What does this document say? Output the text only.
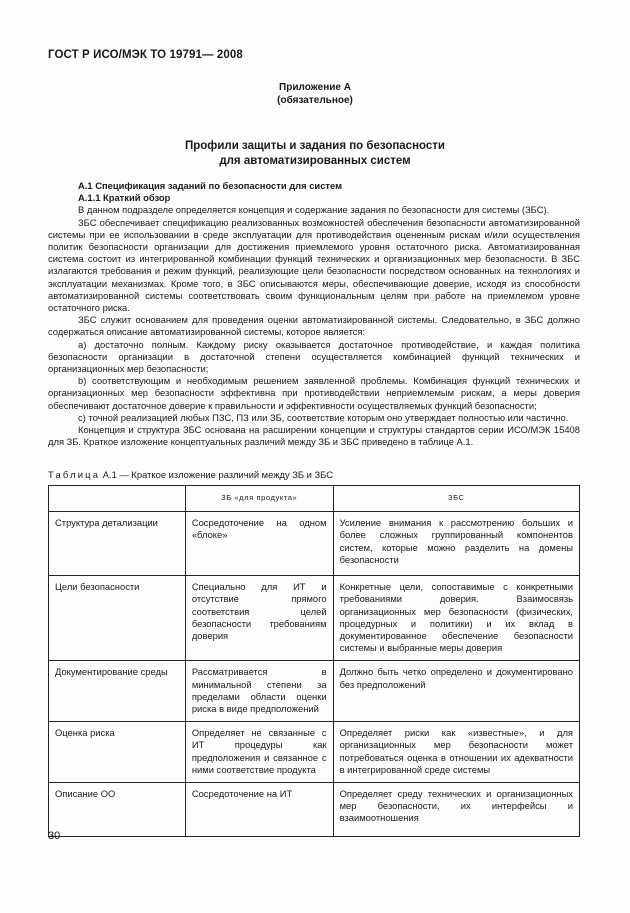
ГОСТ Р ИСО/МЭК ТО 19791— 2008
Приложение А
(обязательное)
Профили защиты и задания по безопасности
для автоматизированных систем

А.1 Спецификация заданий по безопасности для систем

А.1.1 Краткий обзор

В данном подразделе определяется концепция и содержание задания по безопасности для системы (ЗБС).

ЗБС обеспечивает спецификацию реализованных возможностей обеспечения безопасности автоматизированной системы при ее использовании в среде эксплуатации для противодействия оцененным рискам и/или осуществления политик безопасности организации для достижения приемлемого уровня остаточного риска. Автоматизированная система состоит из интегрированной комбинации функций технических и организационных мер безопасности. В ЗБС излагаются требования и режим функций, реализующие цели безопасности посредством основанных на технологиях и эксплуатации механизмах. Кроме того, в ЗБС описываются меры, обеспечивающие доверие, исходя из способности автоматизированной системы соответствовать своим функциональным целям при работе на приемлемом уровне остаточного риска.

ЗБС служит основанием для проведения оценки автоматизированной системы. Следовательно, в ЗБС должно содержаться описание автоматизированной системы, которое является:

а) достаточно полным. Каждому риску оказывается достаточное противодействие, и каждая политика безопасности организации в достаточной степени осуществляется комбинацией функций технических и организационных мер безопасности;

b) соответствующим и необходимым решением заявленной проблемы. Комбинация функций технических и организационных мер безопасности эффективна при противодействии неприемлемым рискам, а меры доверия обеспечивают достаточное доверие к правильности и эффективности осуществляемых функций безопасности;

с) точной реализацией любых ПЗС, ПЗ или ЗБ, соответствие которым оно утверждает полностью или частично.

Концепция и структура ЗБС основана на расширении концепции и структуры стандартов серии ИСО/МЭК 15408 для ЗБ. Краткое изложение концептуальных различий между ЗБ и ЗБС приведено в таблице А.1.

Таблица А.1 — Краткое изложение различий между ЗБ и ЗБС
	ЗБ «для продукта»	ЗБС
Структура детализации	Сосредоточение на одном «блоке»	Усиление внимания к рассмотрению больших и более сложных группированный компонентов систем, которые можно разделить на домены безопасности
Цели безопасности	Специально для ИТ и отсутствие прямого соответствия целей безопасности требованиям доверия	Конкретные цели, сопоставимые с конкретными требованиями доверия. Взаимосвязь организационных мер безопасности (физических, процедурных и политики) и их вклад в документированное обеспечение безопасности системы и выбранные меры доверия
Документирование среды	Рассматривается в минимальной степени за пределами области оценки риска в виде предположений	Должно быть четко определено и документировано без предположений
Оценка риска	Определяет не связанные с ИТ процедуры как предположения и связанное с ними соответствие продукта	Определяет риски как «известные», и для организационных мер безопасности может потребоваться оценка в отношении их адекватности в интегрированной среде системы
Описание ОО	Сосредоточение на ИТ	Определяет среду технических и организационных мер безопасности, их интерфейсы и взаимоотношения
30
